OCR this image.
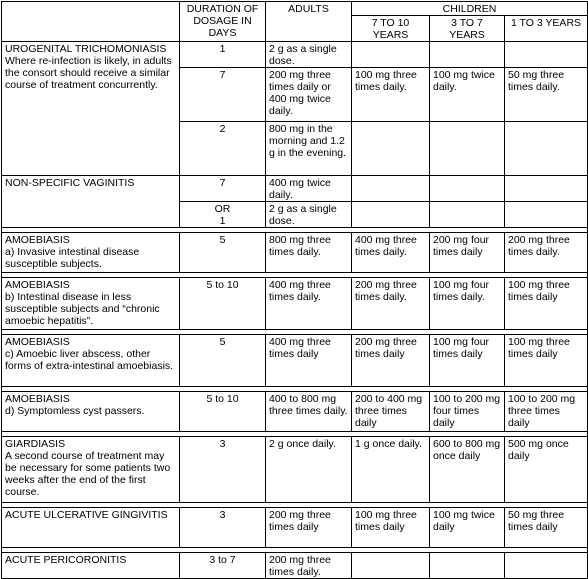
	DURATION OF DOSAGE IN DAYS	ADULTS	CHILDREN		
			7 TO 10 YEARS	3 TO 7 YEARS	1 TO 3 YEARS

UROGENITAL TRICHOMONIASIS
Where re-infection is likely, in adults the consort should receive a similar course of treatment concurrently.	1	2 g as a single dose.			
	7	200 mg three times daily or 400 mg twice daily.	100 mg three times daily.	100 mg twice daily.	50 mg three times daily.
	2	800 mg in the morning and 1.2 g in the evening.			

NON-SPECIFIC VAGINITIS	7	400 mg twice daily.			

	OR
1	2 g as a single dose.			

AMOEBIASIS
a) Invasive intestinal disease susceptible subjects.	5	800 mg three times daily.	400 mg three times daily.	200 mg four times daily	200 mg three times daily.

AMOEBIASIS
b) Intestinal disease in less susceptible subjects and “chronic amoebic hepatitis”.	5 to 10	400 mg three times daily.	200 mg three times daily.	100 mg four times daily.	100 mg three times daily

AMOEBIASIS
c) Amoebic liver abscess, other forms of extra-intestinal amoebiasis.	5	400 mg three times daily	200 mg three times daily	100 mg four times daily	100 mg three times daily

AMOEBIASIS
d) Symptomless cyst passers.	5 to 10	400 to 800 mg three times daily.	200 to 400 mg three times daily	100 to 200 mg four times daily	100 to 200 mg three times daily

GIARDIASIS
A second course of treatment may be necessary for some patients two weeks after the end of the first course.	3	2 g once daily.	1 g once daily.	600 to 800 mg once daily	500 mg once daily

ACUTE ULCERATIVE GINGIVITIS	3	200 mg three times daily	100 mg three times daily	100 mg twice daily	50 mg three times daily

ACUTE PERICORONITIS	3 to 7	200 mg three times daily.			
